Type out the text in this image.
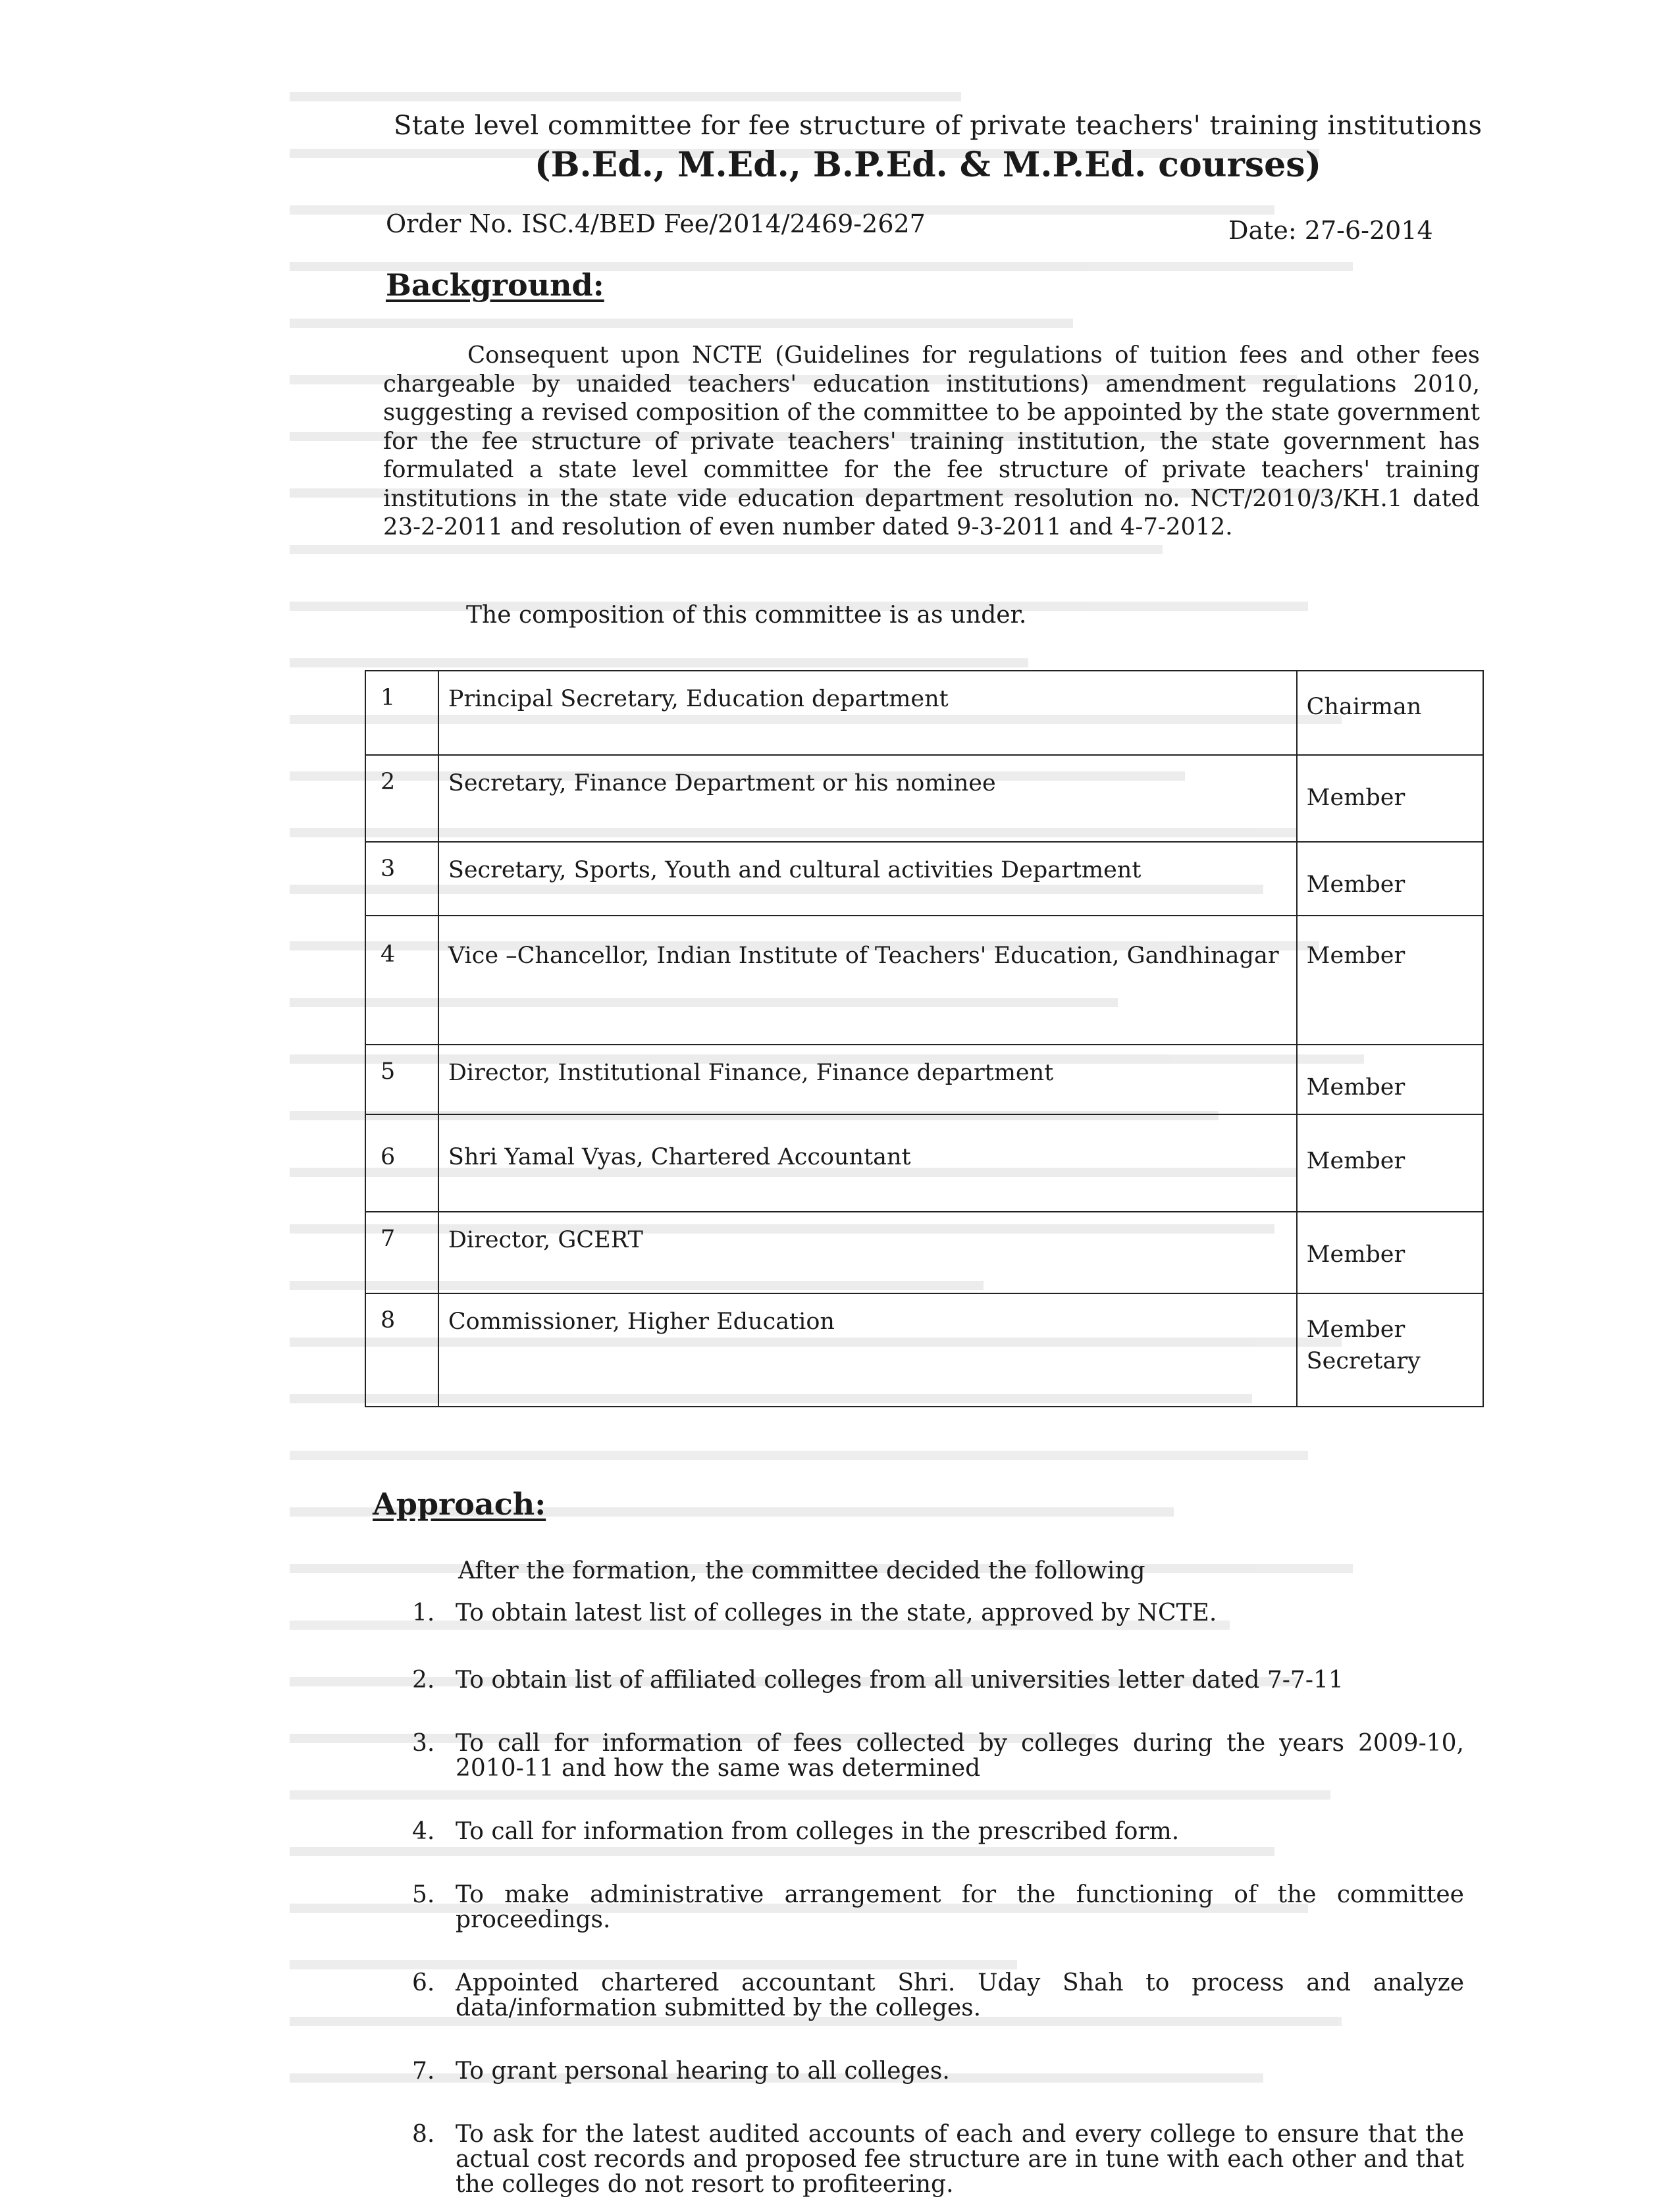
State level committee for fee structure of private teachers' training institutions
(B.Ed., M.Ed., B.P.Ed. & M.P.Ed. courses)
Order No. ISC.4/BED Fee/2014/2469-2627	Date: 27-6-2014
Background:

Consequent upon NCTE (Guidelines for regulations of tuition fees and other fees chargeable by unaided teachers' education institutions) amendment regulations 2010, suggesting a revised composition of the committee to be appointed by the state government for the fee structure of private teachers' training institution, the state government has formulated a state level committee for the fee structure of private teachers' training institutions in the state vide education department resolution no. NCT/2010/3/KH.1 dated 23-2-2011 and resolution of even number dated 9-3-2011 and 4-7-2012.

The composition of this committee is as under.
1	Principal Secretary, Education department	Chairman
2	Secretary, Finance Department or his nominee	Member
3	Secretary, Sports, Youth and cultural activities Department	Member
4	Vice –Chancellor, Indian Institute of Teachers' Education, Gandhinagar	Member
5	Director, Institutional Finance, Finance department	Member
6	Shri Yamal Vyas, Chartered Accountant	Member
7	Director, GCERT	Member
8	Commissioner, Higher Education	Member Secretary
Approach:
After the formation, the committee decided the following
1. To obtain latest list of colleges in the state, approved by NCTE.
2. To obtain list of affiliated colleges from all universities letter dated 7-7-11
3. To call for information of fees collected by colleges during the years 2009-10, 2010-11 and how the same was determined
4. To call for information from colleges in the prescribed form.
5. To make administrative arrangement for the functioning of the committee proceedings.
6. Appointed chartered accountant Shri. Uday Shah to process and analyze data/information submitted by the colleges.
7. To grant personal hearing to all colleges.
8. To ask for the latest audited accounts of each and every college to ensure that the actual cost records and proposed fee structure are in tune with each other and that the colleges do not resort to profiteering.
